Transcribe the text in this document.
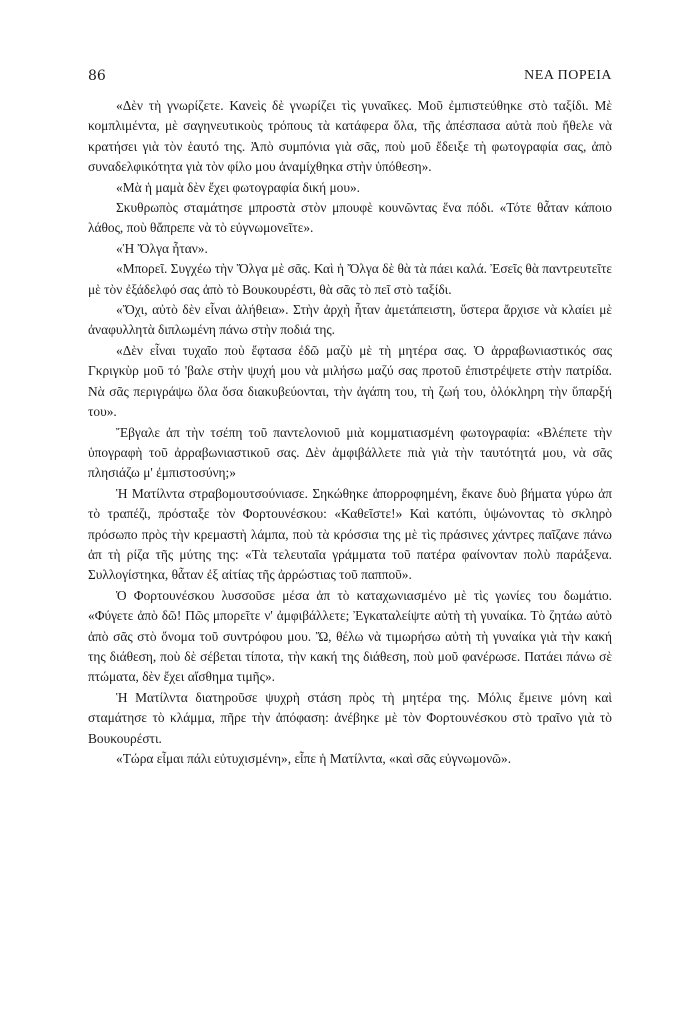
86	ΝΕΑ ΠΟΡΕΙΑ

«Δὲν τὴ γνωρίζετε. Κανεὶς δὲ γνωρίζει τὶς γυναῖκες. Μοῦ ἐμπιστεύθηκε στὸ ταξίδι. Μὲ κομπλιμέντα, μὲ σαγηνευτικοὺς τρόπους τὰ κατάφερα ὅλα, τῆς ἀπέσπασα αὐτὰ ποὺ ἤθελε νὰ κρατήσει γιὰ τὸν ἑαυτό της. Ἀπὸ συμπόνια γιὰ σᾶς, ποὺ μοῦ ἔδειξε τὴ φωτογραφία σας, ἀπὸ συναδελφικότητα γιὰ τὸν φίλο μου ἀναμίχθηκα στὴν ὑπόθεση».

«Μὰ ἡ μαμὰ δὲν ἔχει φωτογραφία δική μου».

Σκυθρωπὸς σταμάτησε μπροστὰ στὸν μπουφὲ κουνῶντας ἕνα πόδι. «Τότε θἆταν κάποιο λάθος, ποὺ θἄπρεπε νὰ τὸ εὐγνωμονεῖτε».

«Ἡ Ὄλγα ἦταν».

«Μπορεῖ. Συγχέω τὴν Ὄλγα μὲ σᾶς. Καὶ ἡ Ὄλγα δὲ θὰ τὰ πάει καλά. Ἐσεῖς θὰ παντρευτεῖτε μὲ τὸν ἐξάδελφό σας ἀπὸ τὸ Βουκουρέστι, θὰ σᾶς τὸ πεῖ στὸ ταξίδι.

«Ὄχι, αὐτὸ δὲν εἶναι ἀλήθεια». Στὴν ἀρχὴ ἦταν ἀμετάπειστη, ὕστερα ἄρχισε νὰ κλαίει μὲ ἀναφυλλητὰ διπλωμένη πάνω στὴν ποδιά της.

«Δὲν εἶναι τυχαῖο ποὺ ἔφτασα ἐδῶ μαζὺ μὲ τὴ μητέρα σας. Ὁ ἀρραβωνιαστικός σας Γκριγκὺρ μοῦ τό 'βαλε στὴν ψυχή μου νὰ μιλήσω μαζύ σας προτοῦ ἐπιστρέψετε στὴν πατρίδα. Νὰ σᾶς περιγράψω ὅλα ὅσα διακυβεύονται, τὴν ἀγάπη του, τὴ ζωή του, ὁλόκληρη τὴν ὕπαρξή του».

Ἔβγαλε ἀπ τὴν τσέπη τοῦ παντελονιοῦ μιὰ κομματιασμένη φωτογραφία: «Βλέπετε τὴν ὑπογραφὴ τοῦ ἀρραβωνιαστικοῦ σας. Δὲν ἀμφιβάλλετε πιὰ γιὰ τὴν ταυτότητά μου, νὰ σᾶς πλησιάζω μ' ἐμπιστοσύνη;»

Ἡ Ματίλντα στραβομουτσούνιασε. Σηκώθηκε ἀπορροφημένη, ἔκανε δυὸ βήματα γύρω ἀπ τὸ τραπέζι, πρόσταξε τὸν Φορτουνέσκου: «Καθεῖστε!» Καὶ κατόπι, ὑψώνοντας τὸ σκληρὸ πρόσωπο πρὸς τὴν κρεμαστὴ λάμπα, ποὺ τὰ κρόσσια της μὲ τὶς πράσινες χάντρες παῖζανε πάνω ἀπ τὴ ρίζα τῆς μύτης της: «Τὰ τελευταῖα γράμματα τοῦ πατέρα φαίνονταν πολὺ παράξενα. Συλλογίστηκα, θἆταν ἐξ αἰτίας τῆς ἀρρώστιας τοῦ παπποῦ».

Ὁ Φορτουνέσκου λυσσοῦσε μέσα ἀπ τὸ καταχωνιασμένο μὲ τὶς γωνίες του δωμάτιο. «Φύγετε ἀπὸ δῶ! Πῶς μπορεῖτε ν' ἀμφιβάλλετε; Ἐγκαταλείψτε αὐτὴ τὴ γυναίκα. Τὸ ζητάω αὐτὸ ἀπὸ σᾶς στὸ ὄνομα τοῦ συντρόφου μου. Ὤ, θέλω νὰ τιμωρήσω αὐτὴ τὴ γυναίκα γιὰ τὴν κακή της διάθεση, ποὺ δὲ σέβεται τίποτα, τὴν κακή της διάθεση, ποὺ μοῦ φανέρωσε. Πατάει πάνω σὲ πτώματα, δὲν ἔχει αἴσθημα τιμῆς».

Ἡ Ματίλντα διατηροῦσε ψυχρὴ στάση πρὸς τὴ μητέρα της. Μόλις ἔμεινε μόνη καὶ σταμάτησε τὸ κλάμμα, πῆρε τὴν ἀπόφαση: ἀνέβηκε μὲ τὸν Φορτουνέσκου στὸ τραῖνο γιὰ τὸ Βουκουρέστι.

«Τώρα εἶμαι πάλι εὐτυχισμένη», εἶπε ἡ Ματίλντα, «καὶ σᾶς εὐγνωμονῶ».
